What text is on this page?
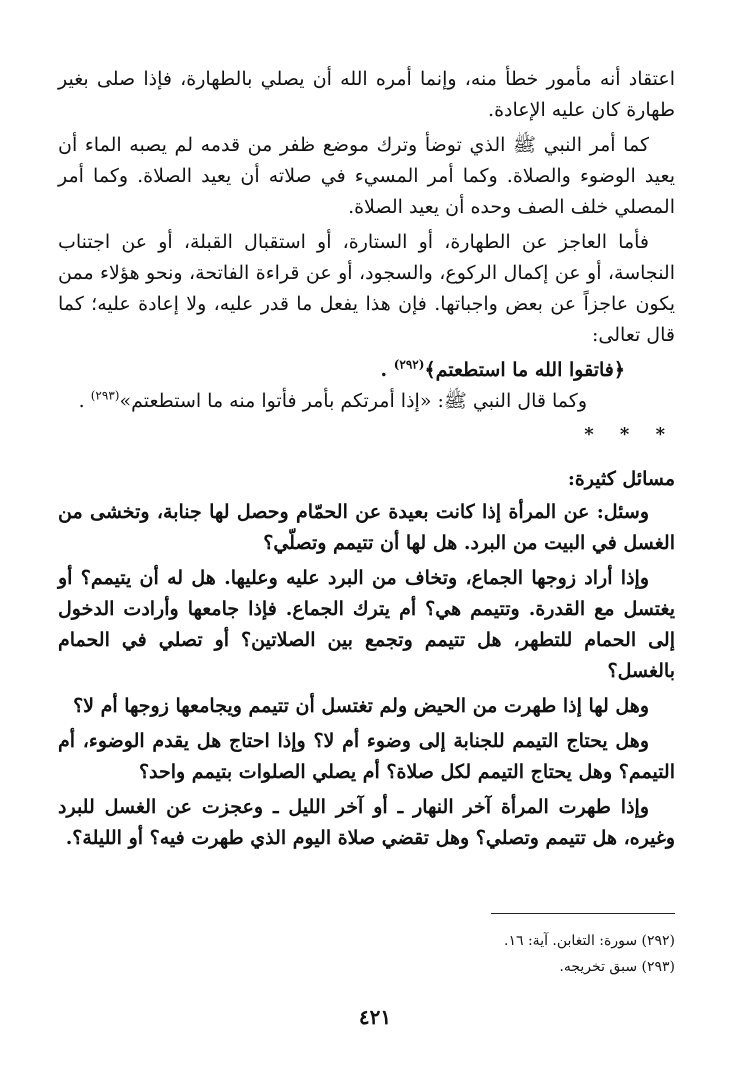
اعتقاد أنه مأمور خطأ منه، وإنما أمره الله أن يصلي بالطهارة، فإذا صلى بغير طهارة كان عليه الإعادة.

كما أمر النبي ﷺ الذي توضأ وترك موضع ظفر من قدمه لم يصبه الماء أن يعيد الوضوء والصلاة. وكما أمر المسيء في صلاته أن يعيد الصلاة. وكما أمر المصلي خلف الصف وحده أن يعيد الصلاة.

فأما العاجز عن الطهارة، أو الستارة، أو استقبال القبلة، أو عن اجتناب النجاسة، أو عن إكمال الركوع، والسجود، أو عن قراءة الفاتحة، ونحو هؤلاء ممن يكون عاجزاً عن بعض واجباتها. فإن هذا يفعل ما قدر عليه، ولا إعادة عليه؛ كما قال تعالى:

﴿فاتقوا الله ما استطعتم﴾$^{(٢٩٢)}$ .

وكما قال النبي ﷺ: «إذا أمرتكم بأمر فأتوا منه ما استطعتم»$^{(٢٩٣)}$ .

* * *

مسائل كثيرة:

وسئل: عن المرأة إذا كانت بعيدة عن الحمّام وحصل لها جنابة، وتخشى من الغسل في البيت من البرد. هل لها أن تتيمم وتصلّي؟

وإذا أراد زوجها الجماع، وتخاف من البرد عليه وعليها. هل له أن يتيمم؟ أو يغتسل مع القدرة. وتتيمم هي؟ أم يترك الجماع. فإذا جامعها وأرادت الدخول إلى الحمام للتطهر، هل تتيمم وتجمع بين الصلاتين؟ أو تصلي في الحمام بالغسل؟

وهل لها إذا طهرت من الحيض ولم تغتسل أن تتيمم ويجامعها زوجها أم لا؟

وهل يحتاج التيمم للجنابة إلى وضوء أم لا؟ وإذا احتاج هل يقدم الوضوء، أم التيمم؟ وهل يحتاج التيمم لكل صلاة؟ أم يصلي الصلوات بتيمم واحد؟

وإذا طهرت المرأة آخر النهار ـ أو آخر الليل ـ وعجزت عن الغسل للبرد وغيره، هل تتيمم وتصلي؟ وهل تقضي صلاة اليوم الذي طهرت فيه؟ أو الليلة؟.

(٢٩٢) سورة: التغابن. آية: ١٦.
(٢٩٣) سبق تخريجه.
٤٢١
